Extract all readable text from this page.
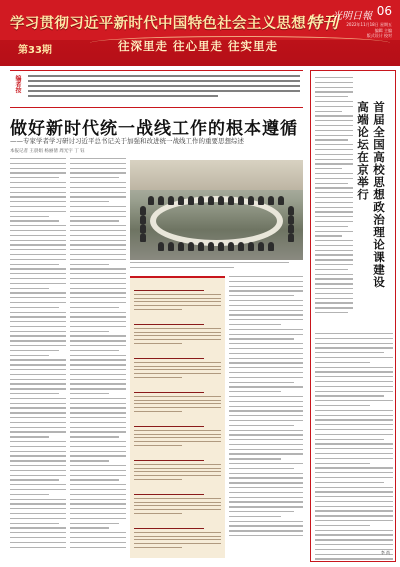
学习贯彻习近平新时代中国特色社会主义思想特刊
光明日報 06
第33期	往深里走 往心里走 往实里走
2022年11月18日 星期五
编辑 主编
版式设计 校对
编者按
做好新时代统一战线工作的根本遵循
——专家学者学习研讨习近平总书记关于加强和改进统一战线工作的重要思想综述
本报记者 王晨娟 杨丽倩 周光宇 丁 钰	首届全国高校思想政治理论课建设
高端论坛在京举行
李 尚
